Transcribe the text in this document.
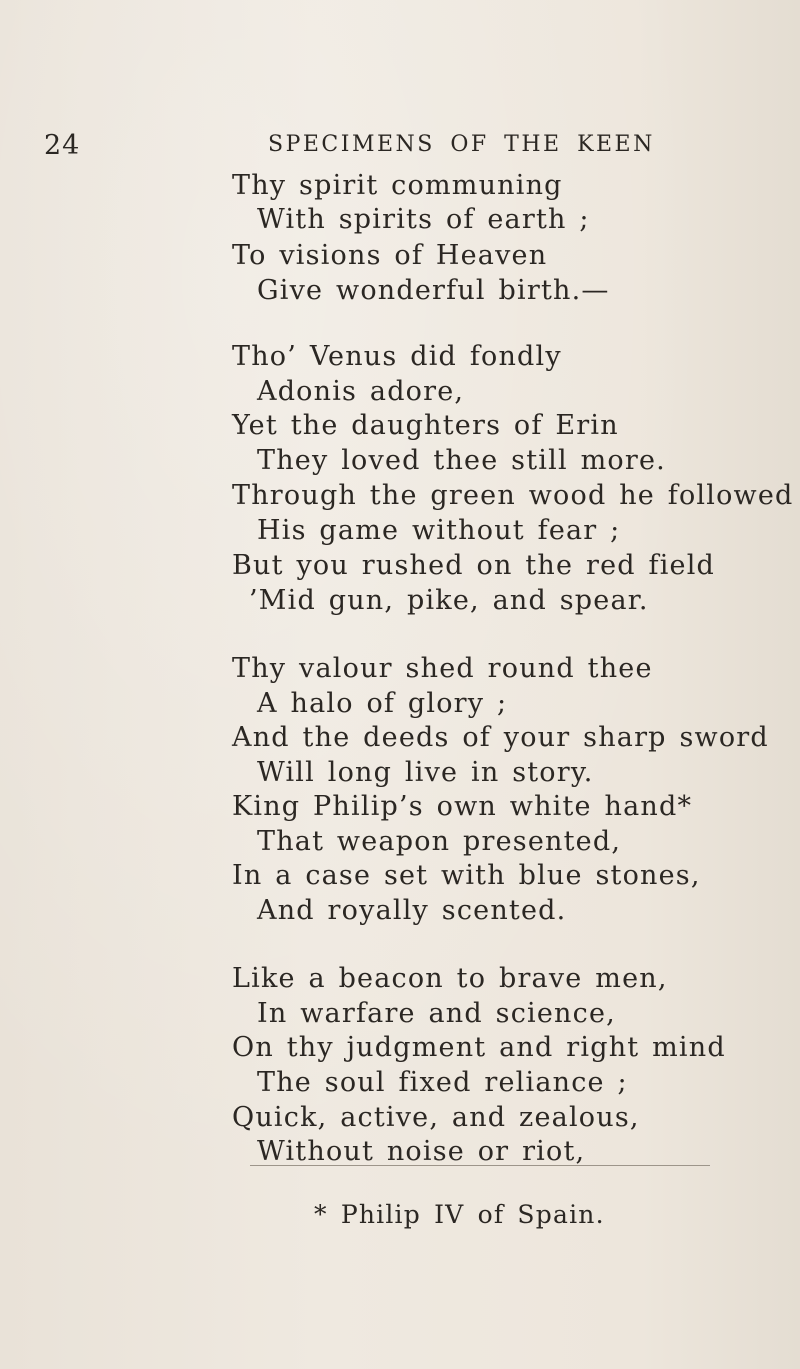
24	SPECIMENS OF THE KEEN
Thy spirit communing
With spirits of earth ;
To visions of Heaven
Give wonderful birth.—
Tho’ Venus did fondly
Adonis adore,
Yet the daughters of Erin
They loved thee still more.
Through the green wood he followed
His game without fear ;
But you rushed on the red field
’Mid gun, pike, and spear.
Thy valour shed round thee
A halo of glory ;
And the deeds of your sharp sword
Will long live in story.
King Philip’s own white hand*
That weapon presented,
In a case set with blue stones,
And royally scented.
Like a beacon to brave men,
In warfare and science,
On thy judgment and right mind
The soul fixed reliance ;
Quick, active, and zealous,
Without noise or riot,
* Philip IV of Spain.
